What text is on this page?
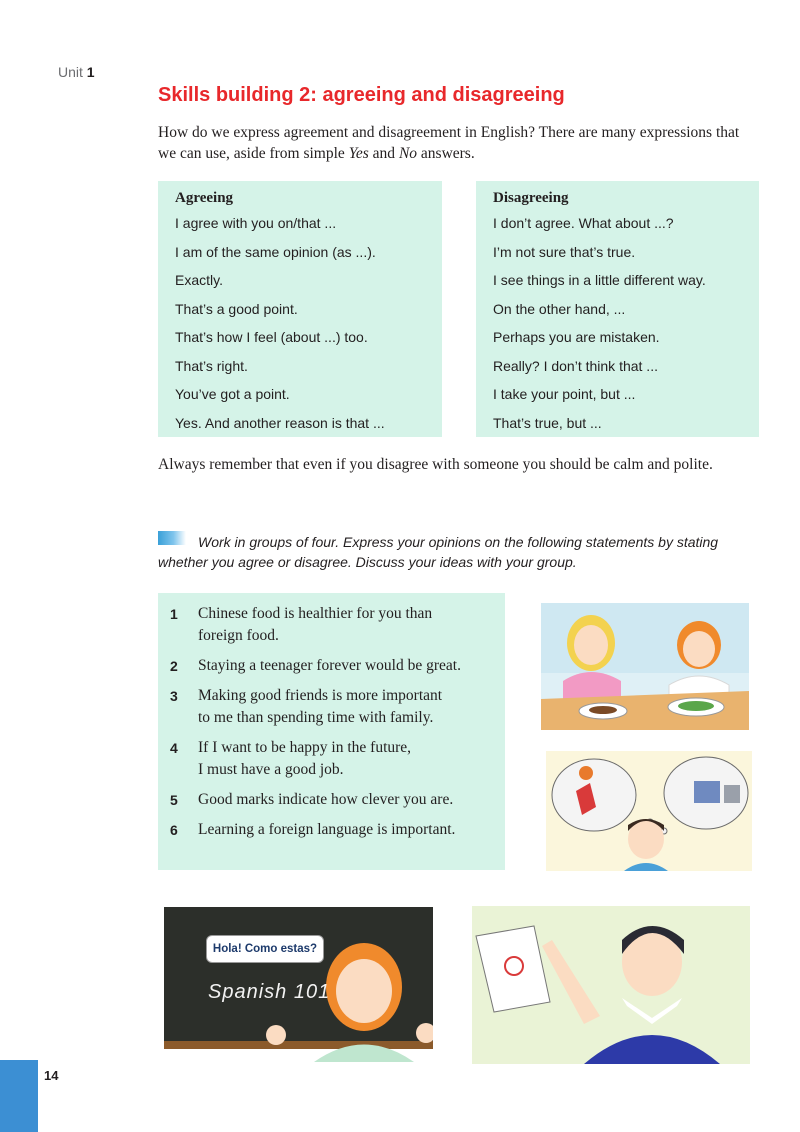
Unit 1
Skills building 2: agreeing and disagreeing

How do we express agreement and disagreement in English? There are many expressions that we can use, aside from simple Yes and No answers.

Agreeing
I agree with you on/that ...
I am of the same opinion (as ...).
Exactly.
That’s a good point.
That’s how I feel (about ...) too.
That’s right.
You’ve got a point.
Yes. And another reason is that ...
Disagreeing
I don’t agree. What about ...?
I’m not sure that’s true.
I see things in a little different way.
On the other hand, ...
Perhaps you are mistaken.
Really? I don’t think that ...
I take your point, but ...
That’s true, but ...

Always remember that even if you disagree with someone you should be calm and polite.

Work in groups of four. Express your opinions on the following statements by stating whether you agree or disagree. Discuss your ideas with your group.

1	Chinese food is healthier for you than
foreign food.
2	Staying a teenager forever would be great.
3	Making good friends is more important
to me than spending time with family.
4	If I want to be happy in the future,
I must have a good job.
5	Good marks indicate how clever you are.
6	Learning a foreign language is important.
Hola! Como estas?
Spanish 101
14
